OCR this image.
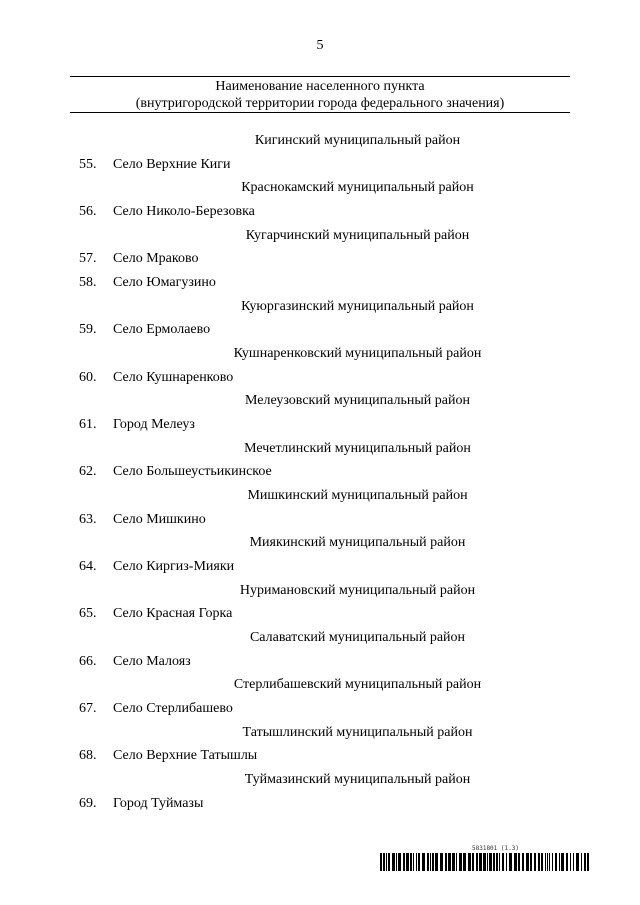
5
Наименование населенного пункта
(внутригородской территории города федерального значения)
Кигинский муниципальный район
55. Село Верхние Киги
Краснокамский муниципальный район
56. Село Николо-Березовка
Кугарчинский муниципальный район
57. Село Мраково
58. Село Юмагузино
Куюргазинский муниципальный район
59. Село Ермолаево
Кушнаренковский муниципальный район
60. Село Кушнаренково
Мелеузовский муниципальный район
61. Город Мелеуз
Мечетлинский муниципальный район
62. Село Большеустьикинское
Мишкинский муниципальный район
63. Село Мишкино
Миякинский муниципальный район
64. Село Киргиз-Мияки
Нуримановский муниципальный район
65. Село Красная Горка
Салаватский муниципальный район
66. Село Малояз
Стерлибашевский муниципальный район
67. Село Стерлибашево
Татышлинский муниципальный район
68. Село Верхние Татышлы
Туймазинский муниципальный район
69. Город Туймазы
5831801 (1.3)
